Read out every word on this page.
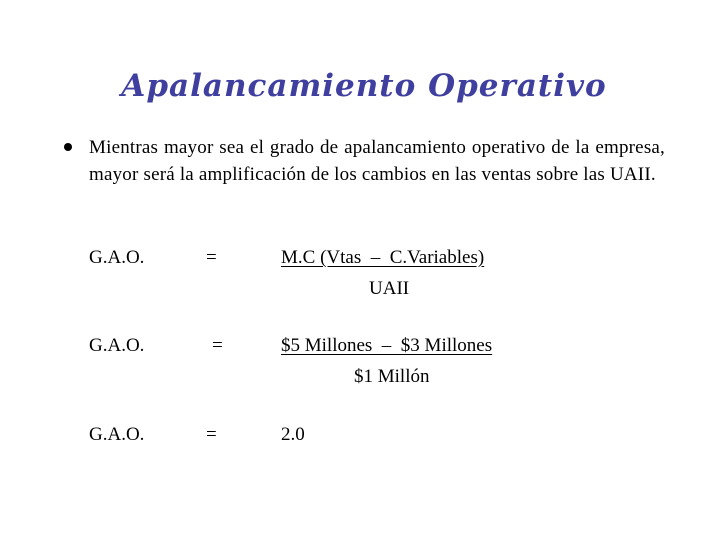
Apalancamiento Operativo
Mientras mayor sea el grado de apalancamiento operativo de la empresa, mayor será la amplificación de los cambios en las ventas sobre las UAII.
G.A.O.	=	M.C (Vtas  –  C.Variables)
UAII
G.A.O.	=	$5 Millones  –  $3 Millones
$1 Millón
G.A.O.	=	2.0
